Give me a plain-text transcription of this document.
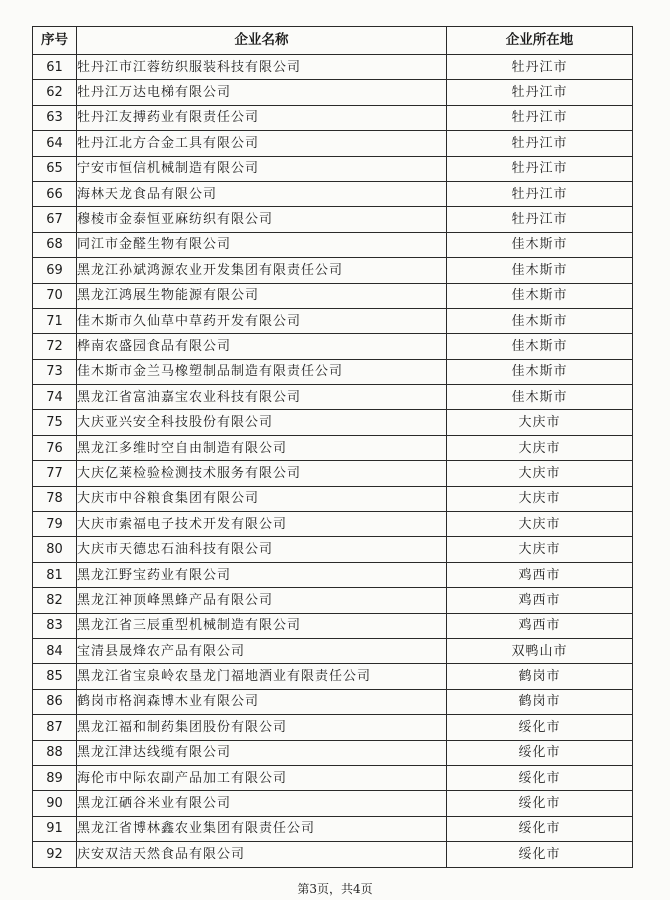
序号	企业名称	企业所在地
61	牡丹江市江蓉纺织服装科技有限公司	牡丹江市
62	牡丹江万达电梯有限公司	牡丹江市
63	牡丹江友搏药业有限责任公司	牡丹江市
64	牡丹江北方合金工具有限公司	牡丹江市
65	宁安市恒信机械制造有限公司	牡丹江市
66	海林天龙食品有限公司	牡丹江市
67	穆棱市金泰恒亚麻纺织有限公司	牡丹江市
68	同江市金醛生物有限公司	佳木斯市
69	黑龙江孙斌鸿源农业开发集团有限责任公司	佳木斯市
70	黑龙江鸿展生物能源有限公司	佳木斯市
71	佳木斯市久仙草中草药开发有限公司	佳木斯市
72	桦南农盛园食品有限公司	佳木斯市
73	佳木斯市金兰马橡塑制品制造有限责任公司	佳木斯市
74	黑龙江省富油嘉宝农业科技有限公司	佳木斯市
75	大庆亚兴安全科技股份有限公司	大庆市
76	黑龙江多维时空自由制造有限公司	大庆市
77	大庆亿莱检验检测技术服务有限公司	大庆市
78	大庆市中谷粮食集团有限公司	大庆市
79	大庆市索福电子技术开发有限公司	大庆市
80	大庆市天德忠石油科技有限公司	大庆市
81	黑龙江野宝药业有限公司	鸡西市
82	黑龙江神顶峰黑蜂产品有限公司	鸡西市
83	黑龙江省三辰重型机械制造有限公司	鸡西市
84	宝清县晟烽农产品有限公司	双鸭山市
85	黑龙江省宝泉岭农垦龙门福地酒业有限责任公司	鹤岗市
86	鹤岗市格润森博木业有限公司	鹤岗市
87	黑龙江福和制药集团股份有限公司	绥化市
88	黑龙江津达线缆有限公司	绥化市
89	海伦市中际农副产品加工有限公司	绥化市
90	黑龙江硒谷米业有限公司	绥化市
91	黑龙江省博林鑫农业集团有限责任公司	绥化市
92	庆安双洁天然食品有限公司	绥化市
第3页，共4页
